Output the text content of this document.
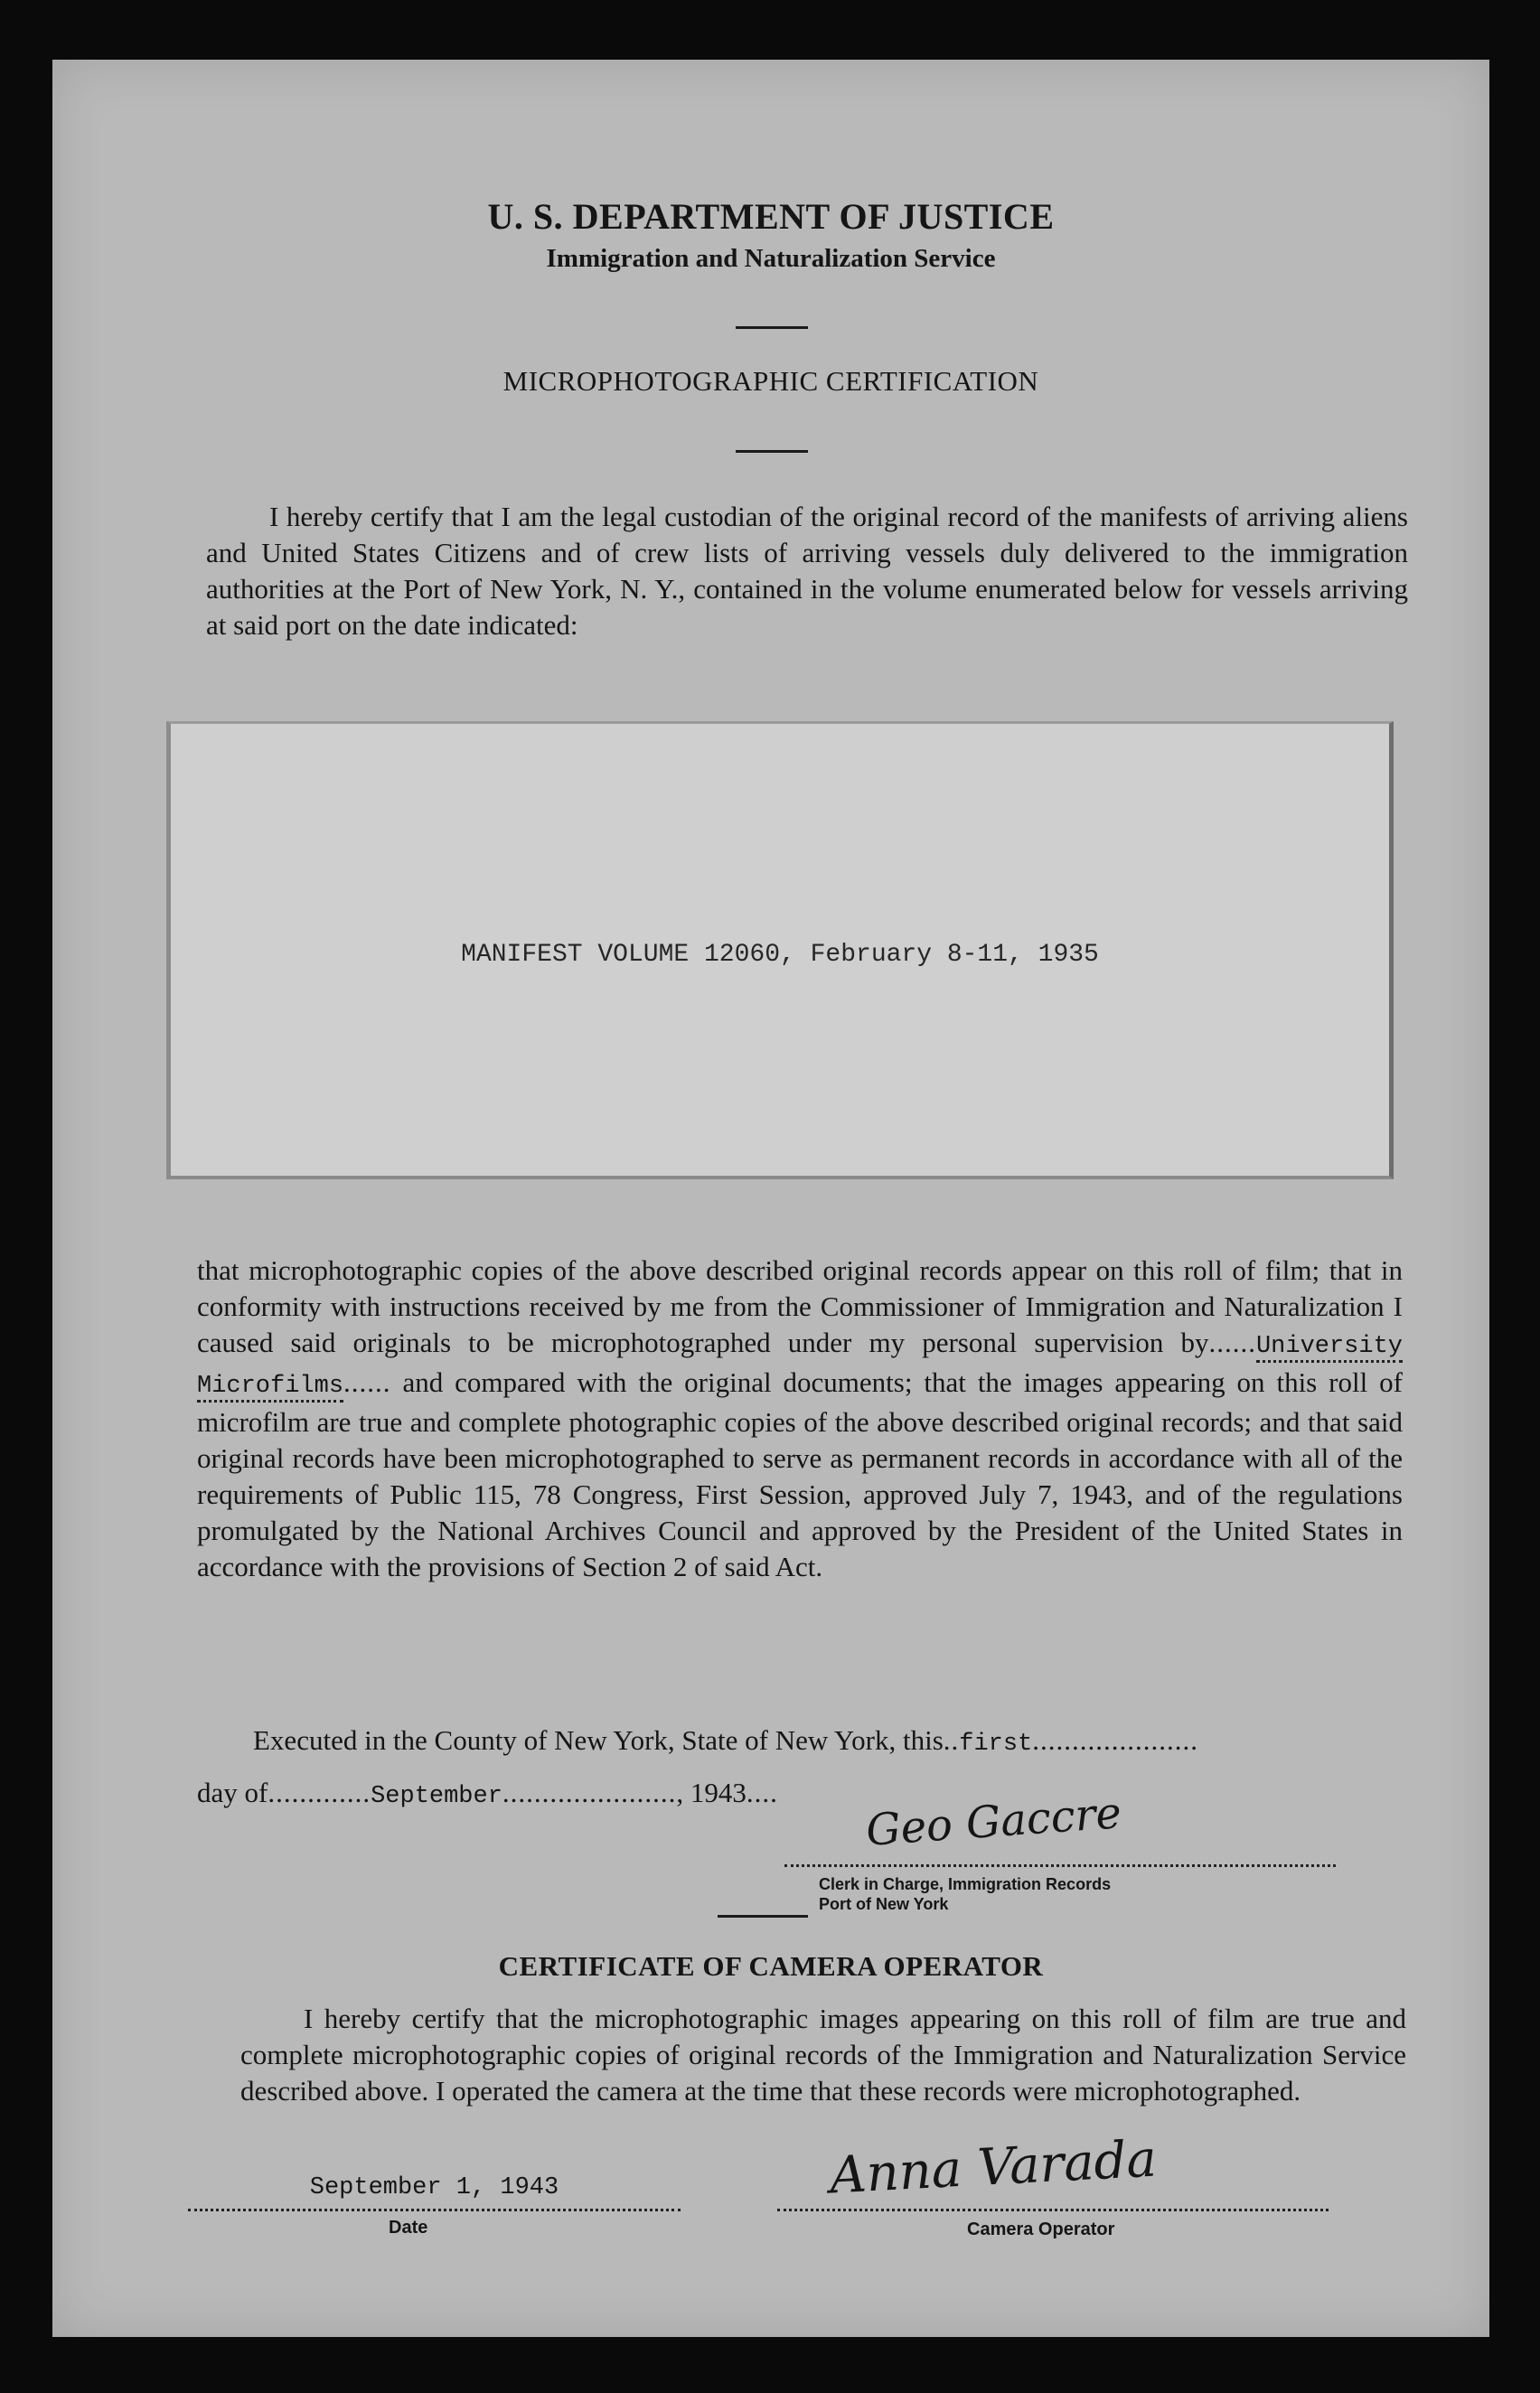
U. S. DEPARTMENT OF JUSTICE
Immigration and Naturalization Service
MICROPHOTOGRAPHIC CERTIFICATION
I hereby certify that I am the legal custodian of the original record of the manifests of arriving aliens and United States Citizens and of crew lists of arriving vessels duly delivered to the immigration authorities at the Port of New York, N. Y., contained in the volume enumerated below for vessels arriving at said port on the date indicated:
MANIFEST VOLUME 12060, February 8-11, 1935
that microphotographic copies of the above described original records appear on this roll of film; that in conformity with instructions received by me from the Commissioner of Immigration and Naturalization I caused said originals to be microphotographed under my personal supervision by......University Microfilms...... and compared with the original documents; that the images appearing on this roll of microfilm are true and complete photographic copies of the above described original records; and that said original records have been microphotographed to serve as permanent records in accordance with all of the requirements of Public 115, 78 Congress, First Session, approved July 7, 1943, and of the regulations promulgated by the National Archives Council and approved by the President of the United States in accordance with the provisions of Section 2 of said Act.
Executed in the County of New York, State of New York, this..first.....................
day of.............September......................, 1943.... Geo Gaccre
Clerk in Charge, Immigration Records
Port of New York
CERTIFICATE OF CAMERA OPERATOR
I hereby certify that the microphotographic images appearing on this roll of film are true and complete microphotographic copies of original records of the Immigration and Naturalization Service described above. I operated the camera at the time that these records were microphotographed.
September 1, 1943
Date
Anna Varada
Camera Operator
